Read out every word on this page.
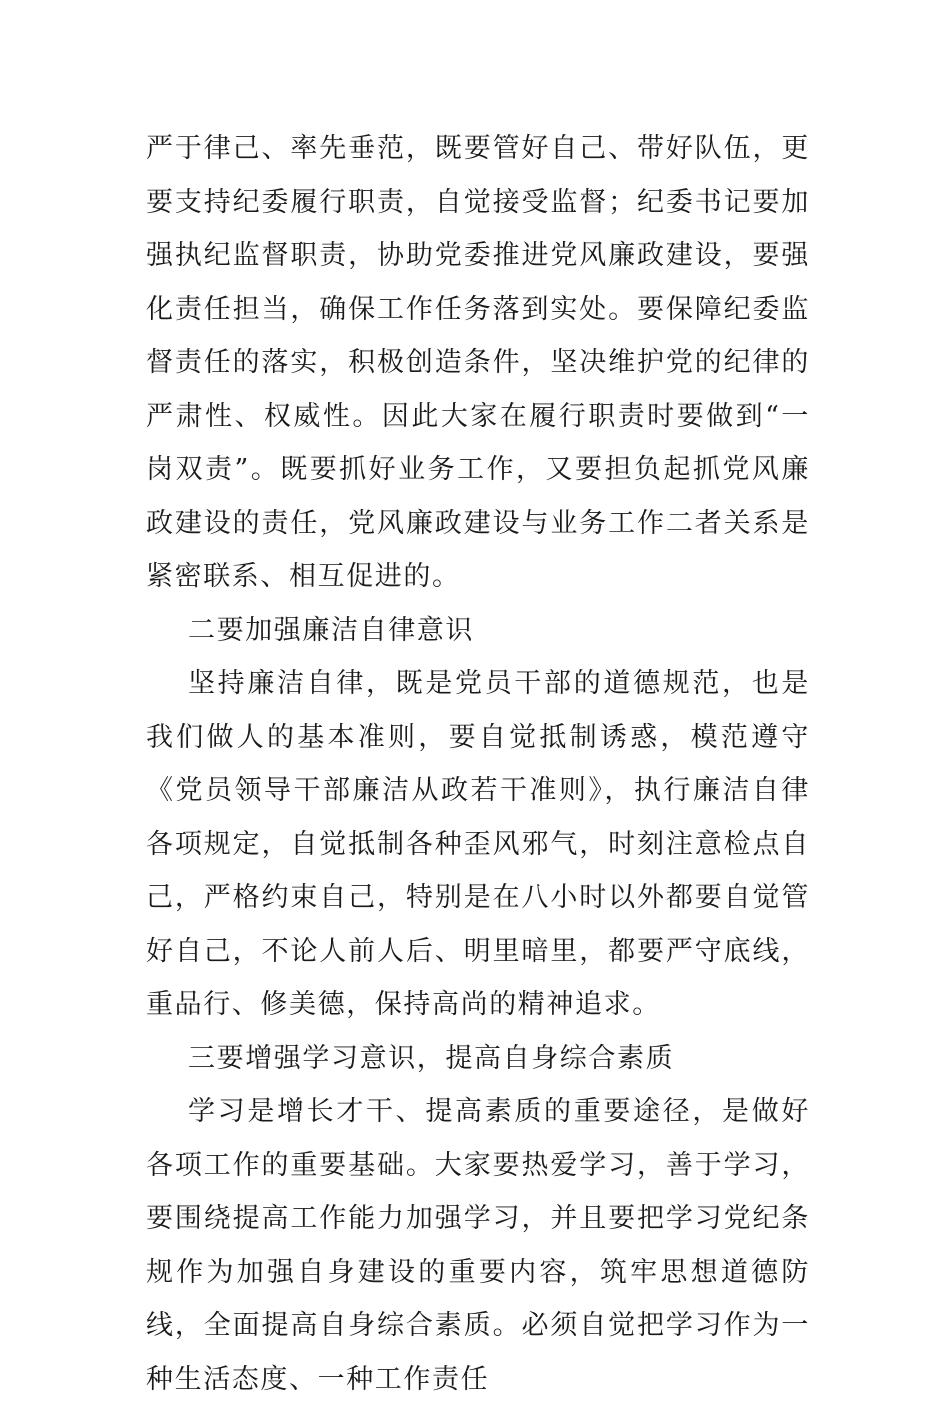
严于律己、率先垂范，既要管好自己、带好队伍，更要支持纪委履行职责，自觉接受监督；纪委书记要加强执纪监督职责，协助党委推进党风廉政建设，要强化责任担当，确保工作任务落到实处。要保障纪委监督责任的落实，积极创造条件，坚决维护党的纪律的严肃性、权威性。因此大家在履行职责时要做到“一岗双责”。既要抓好业务工作，又要担负起抓党风廉政建设的责任，党风廉政建设与业务工作二者关系是紧密联系、相互促进的。

二要加强廉洁自律意识

坚持廉洁自律，既是党员干部的道德规范，也是我们做人的基本准则，要自觉抵制诱惑，模范遵守《党员领导干部廉洁从政若干准则》，执行廉洁自律各项规定，自觉抵制各种歪风邪气，时刻注意检点自己，严格约束自己，特别是在八小时以外都要自觉管好自己，不论人前人后、明里暗里，都要严守底线，重品行、修美德，保持高尚的精神追求。

三要增强学习意识，提高自身综合素质

学习是增长才干、提高素质的重要途径，是做好各项工作的重要基础。大家要热爱学习，善于学习，要围绕提高工作能力加强学习，并且要把学习党纪条规作为加强自身建设的重要内容，筑牢思想道德防线，全面提高自身综合素质。必须自觉把学习作为一种生活态度、一种工作责任
